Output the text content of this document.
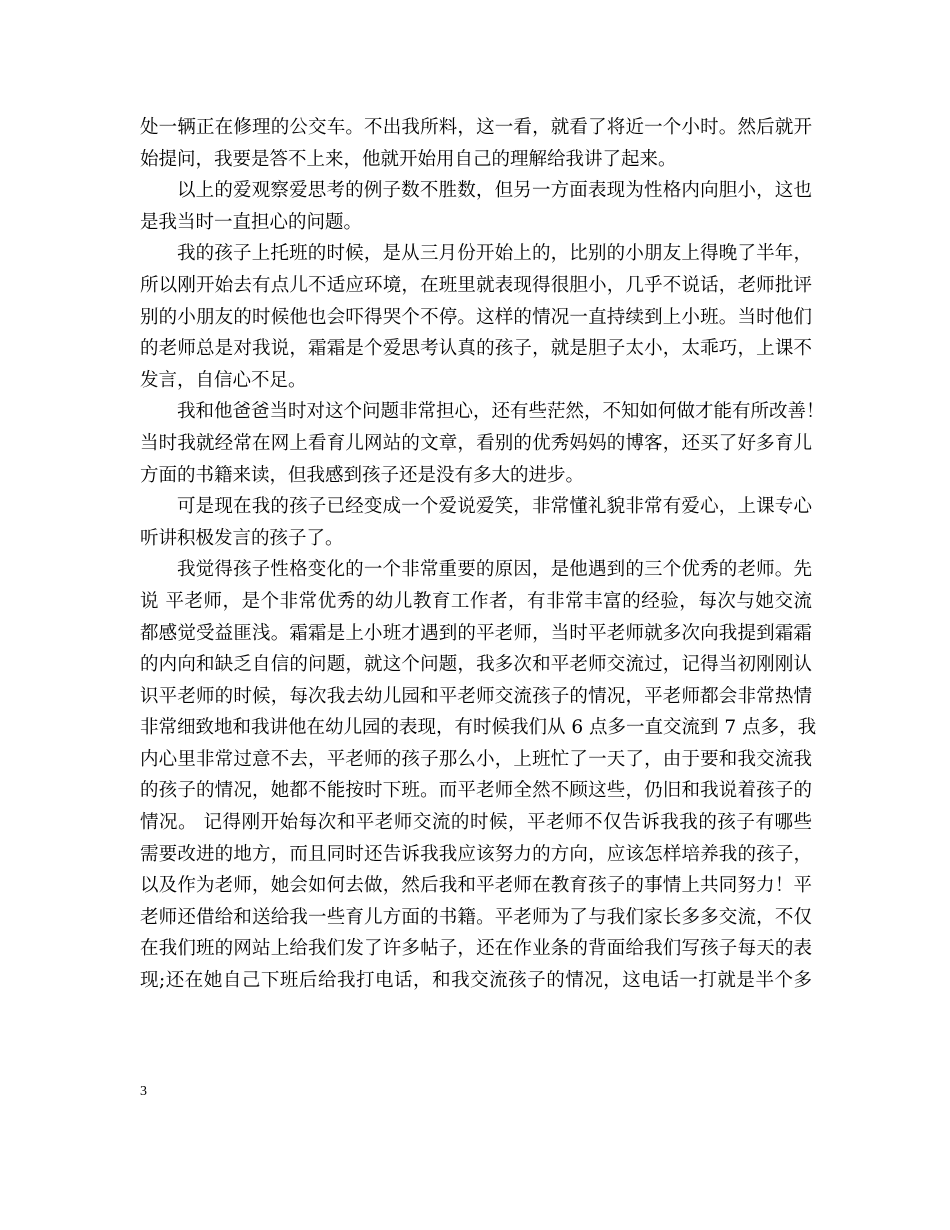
处一辆正在修理的公交车。不出我所料，这一看，就看了将近一个小时。然后就开
始提问，我要是答不上来，他就开始用自己的理解给我讲了起来。
以上的爱观察爱思考的例子数不胜数，但另一方面表现为性格内向胆小，这也
是我当时一直担心的问题。
我的孩子上托班的时候，是从三月份开始上的，比别的小朋友上得晚了半年，
所以刚开始去有点儿不适应环境，在班里就表现得很胆小，几乎不说话，老师批评
别的小朋友的时候他也会吓得哭个不停。这样的情况一直持续到上小班。当时他们
的老师总是对我说，霜霜是个爱思考认真的孩子，就是胆子太小，太乖巧，上课不
发言，自信心不足。
我和他爸爸当时对这个问题非常担心，还有些茫然，不知如何做才能有所改善！
当时我就经常在网上看育儿网站的文章，看别的优秀妈妈的博客，还买了好多育儿
方面的书籍来读，但我感到孩子还是没有多大的进步。
可是现在我的孩子已经变成一个爱说爱笑，非常懂礼貌非常有爱心，上课专心
听讲积极发言的孩子了。
我觉得孩子性格变化的一个非常重要的原因，是他遇到的三个优秀的老师。先
说 平老师，是个非常优秀的幼儿教育工作者，有非常丰富的经验，每次与她交流
都感觉受益匪浅。霜霜是上小班才遇到的平老师，当时平老师就多次向我提到霜霜
的内向和缺乏自信的问题，就这个问题，我多次和平老师交流过，记得当初刚刚认
识平老师的时候，每次我去幼儿园和平老师交流孩子的情况，平老师都会非常热情
非常细致地和我讲他在幼儿园的表现，有时候我们从 6 点多一直交流到 7 点多，我
内心里非常过意不去，平老师的孩子那么小，上班忙了一天了，由于要和我交流我
的孩子的情况，她都不能按时下班。而平老师全然不顾这些，仍旧和我说着孩子的
情况。 记得刚开始每次和平老师交流的时候，平老师不仅告诉我我的孩子有哪些
需要改进的地方，而且同时还告诉我我应该努力的方向，应该怎样培养我的孩子，
以及作为老师，她会如何去做，然后我和平老师在教育孩子的事情上共同努力！平
老师还借给和送给我一些育儿方面的书籍。平老师为了与我们家长多多交流，不仅
在我们班的网站上给我们发了许多帖子，还在作业条的背面给我们写孩子每天的表
现;还在她自己下班后给我打电话，和我交流孩子的情况，这电话一打就是半个多
3
